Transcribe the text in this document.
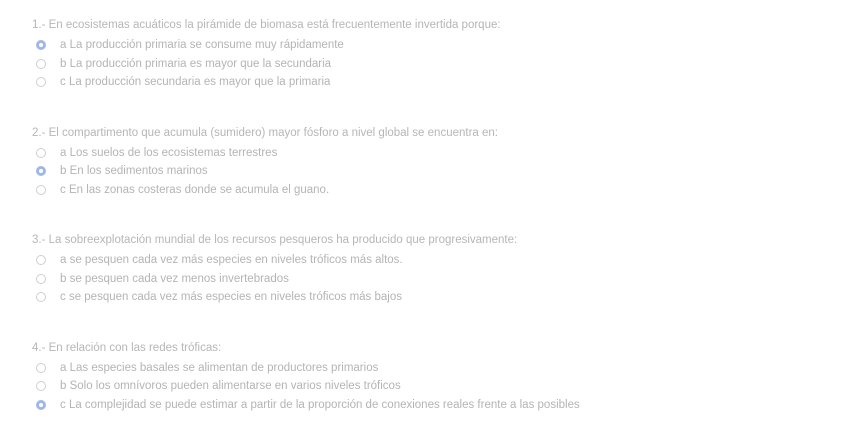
1.- En ecosistemas acuáticos la pirámide de biomasa está frecuentemente invertida porque:

a La producción primaria se consume muy rápidamente
b La producción primaria es mayor que la secundaria
c La producción secundaria es mayor que la primaria

2.- El compartimento que acumula (sumidero) mayor fósforo a nivel global se encuentra en:

a Los suelos de los ecosistemas terrestres
b En los sedimentos marinos
c En las zonas costeras donde se acumula el guano.

3.- La sobreexplotación mundial de los recursos pesqueros ha producido que progresivamente:

a se pesquen cada vez más especies en niveles tróficos más altos.
b se pesquen cada vez menos invertebrados
c se pesquen cada vez más especies en niveles tróficos más bajos

4.- En relación con las redes tróficas:

a Las especies basales se alimentan de productores primarios
b Solo los omnívoros pueden alimentarse en varios niveles tróficos
c La complejidad se puede estimar a partir de la proporción de conexiones reales frente a las posibles
